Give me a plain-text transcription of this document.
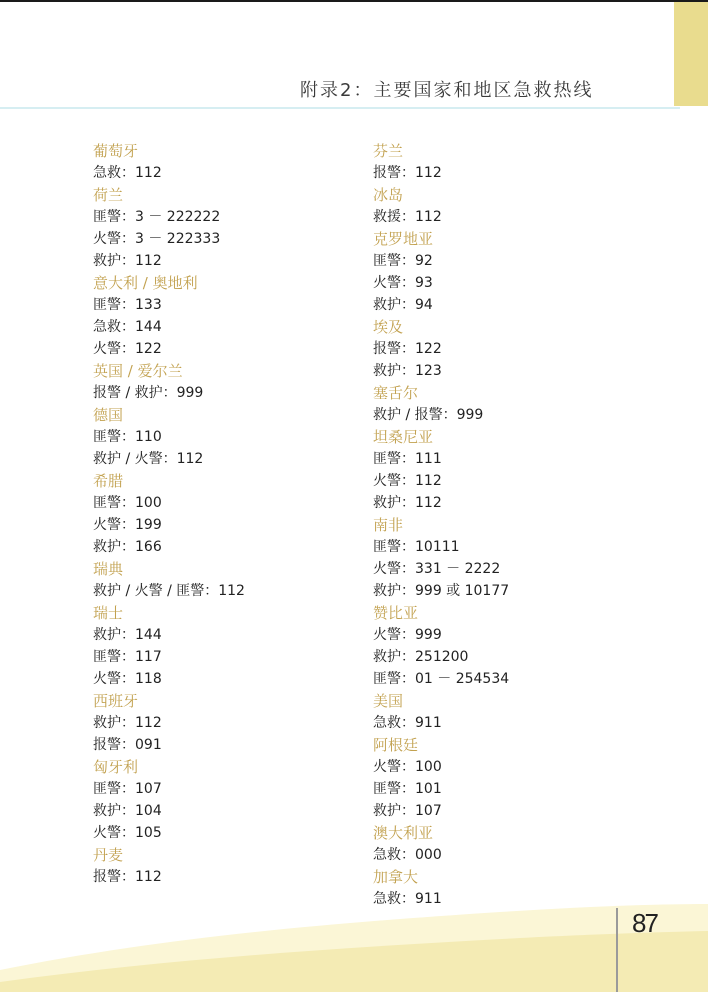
附录2：主要国家和地区急救热线
葡萄牙
急救：112
荷兰
匪警：3 － 222222
火警：3 － 222333
救护：112
意大利 / 奥地利
匪警：133
急救：144
火警：122
英国 / 爱尔兰
报警 / 救护：999
德国
匪警：110
救护 / 火警：112
希腊
匪警：100
火警：199
救护：166
瑞典
救护 / 火警 / 匪警：112
瑞士
救护：144
匪警：117
火警：118
西班牙
救护：112
报警：091
匈牙利
匪警：107
救护：104
火警：105
丹麦
报警：112
芬兰
报警：112
冰岛
救援：112
克罗地亚
匪警：92
火警：93
救护：94
埃及
报警：122
救护：123
塞舌尔
救护 / 报警：999
坦桑尼亚
匪警：111
火警：112
救护：112
南非
匪警：10111
火警：331 － 2222
救护：999 或 10177
赞比亚
火警：999
救护：251200
匪警：01 － 254534
美国
急救：911
阿根廷
火警：100
匪警：101
救护：107
澳大利亚
急救：000
加拿大
急救：911
87
